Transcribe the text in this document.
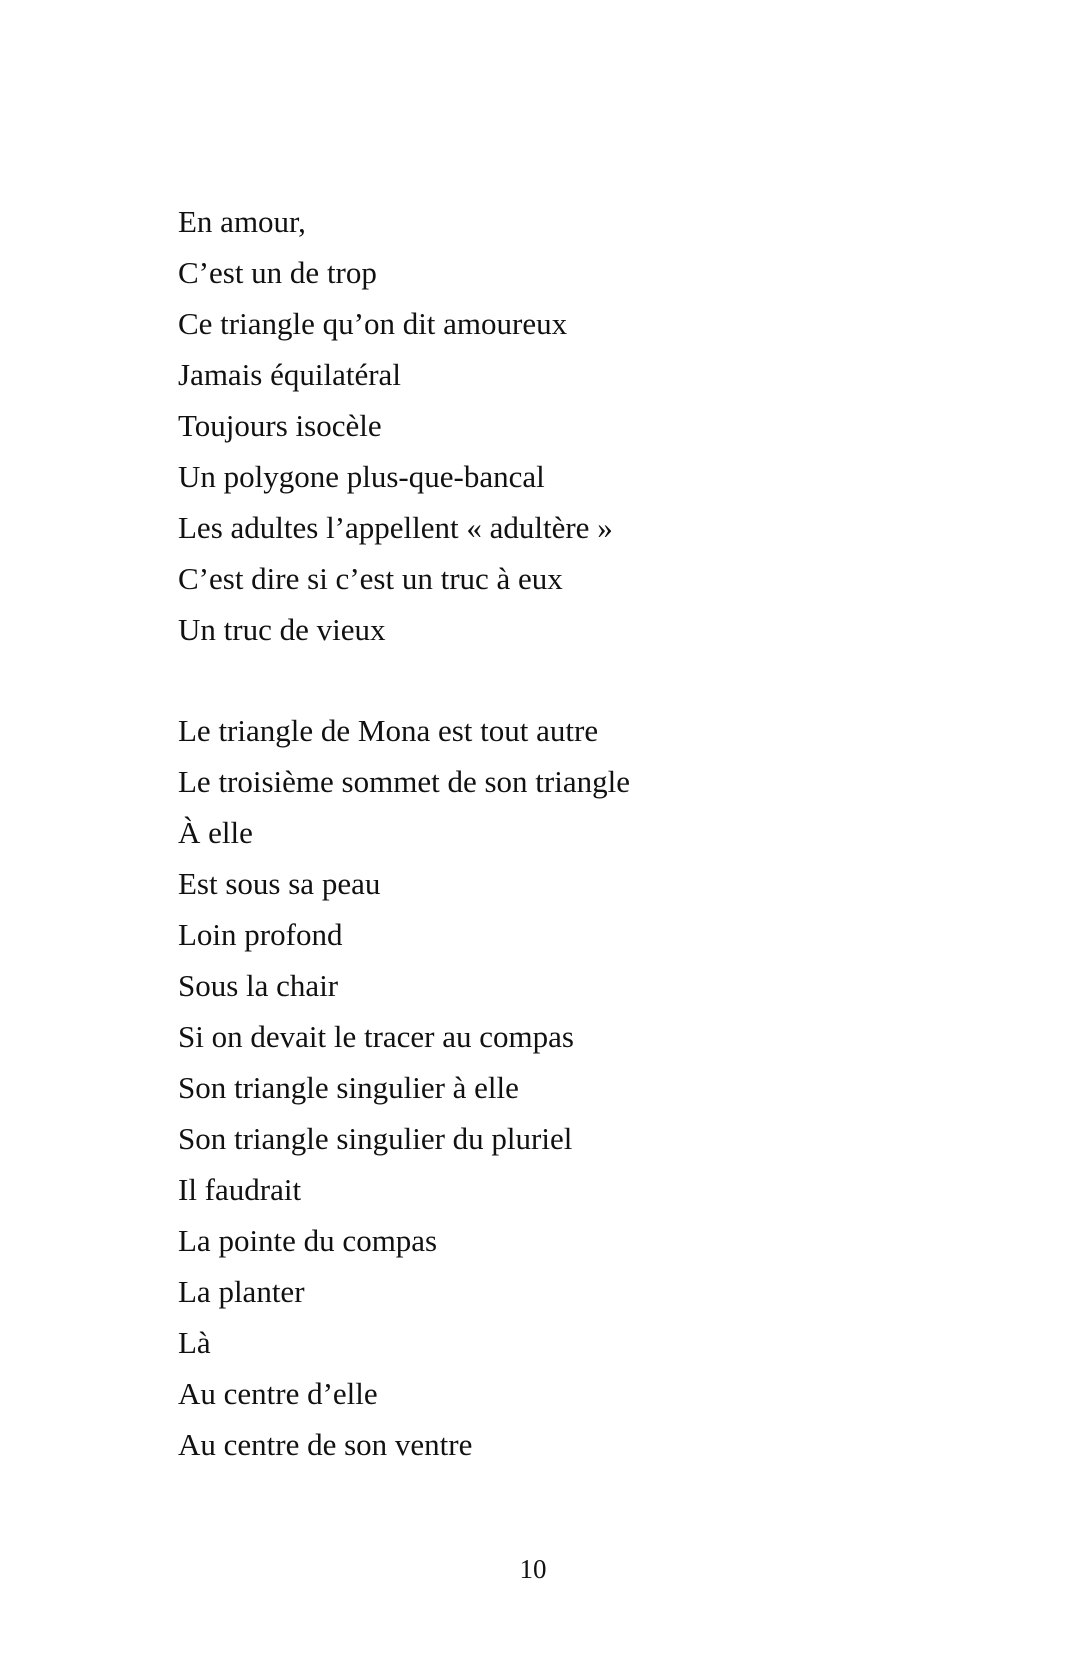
En amour,
C’est un de trop
Ce triangle qu’on dit amoureux
Jamais équilatéral
Toujours isocèle
Un polygone plus-que-bancal
Les adultes l’appellent « adultère »
C’est dire si c’est un truc à eux
Un truc de vieux
Le triangle de Mona est tout autre
Le troisième sommet de son triangle
À elle
Est sous sa peau
Loin profond
Sous la chair
Si on devait le tracer au compas
Son triangle singulier à elle
Son triangle singulier du pluriel
Il faudrait
La pointe du compas
La planter
Là
Au centre d’elle
Au centre de son ventre
10
